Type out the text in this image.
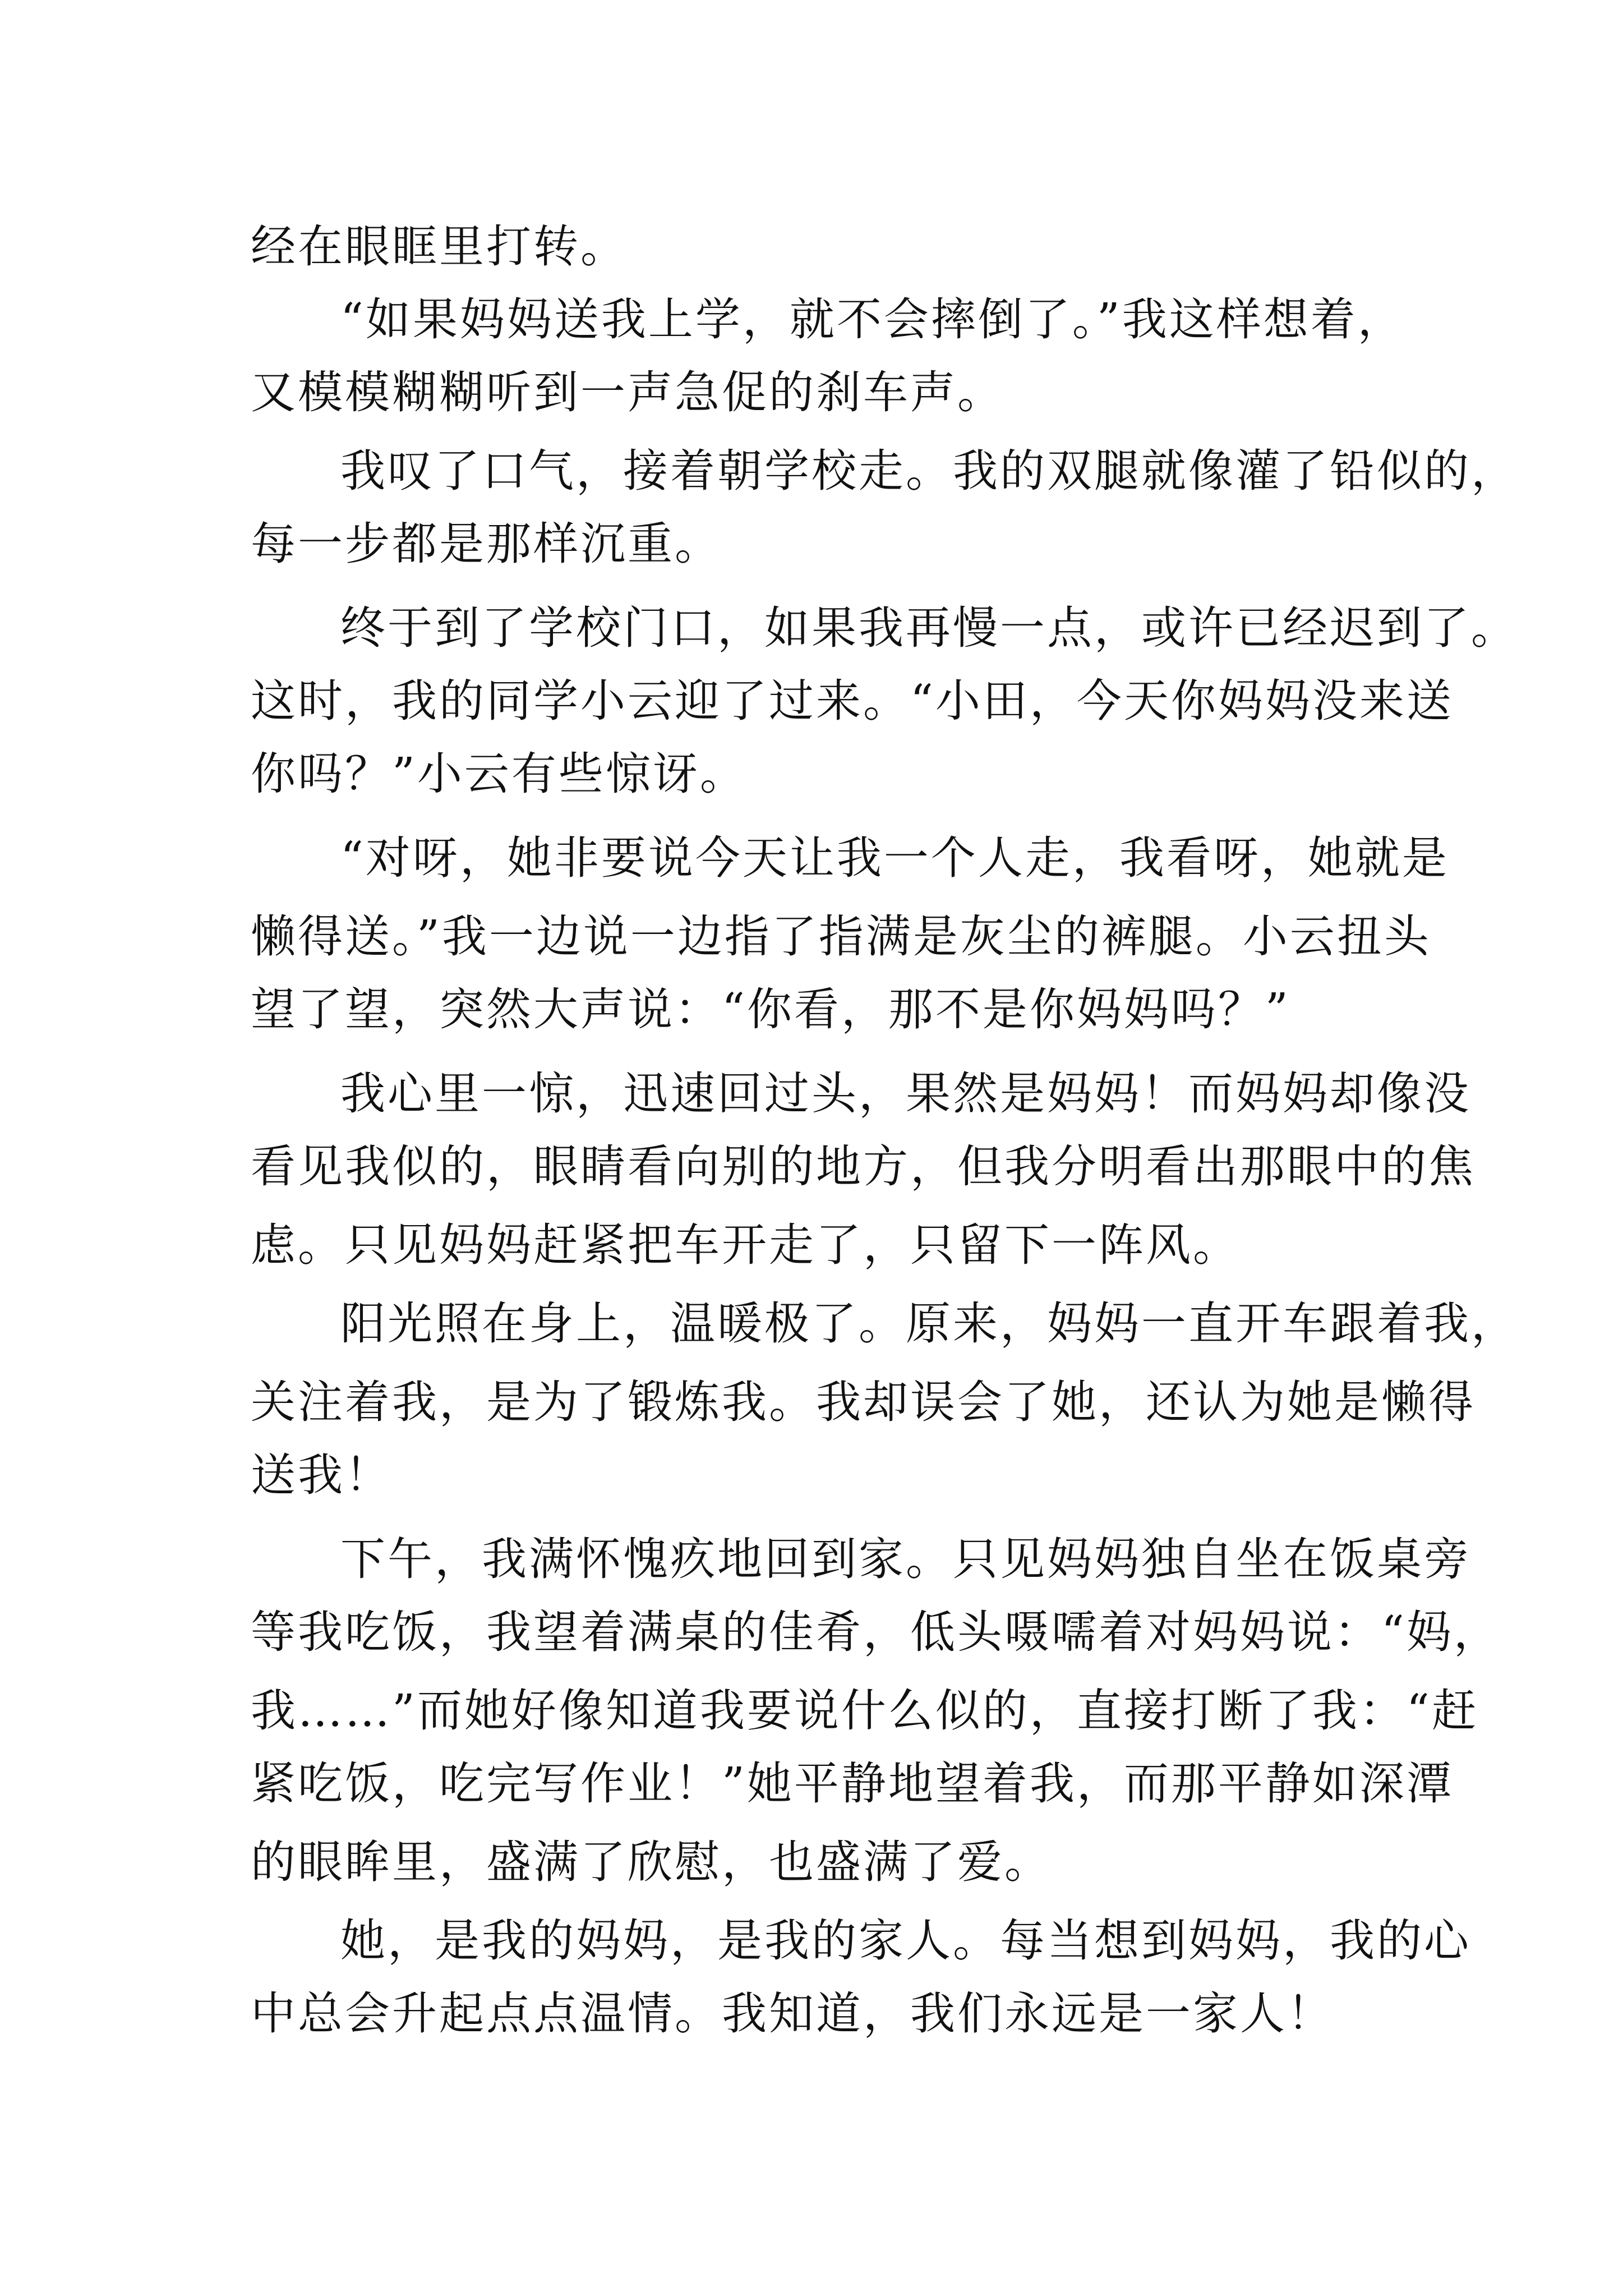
经在眼眶里打转。
“如果妈妈送我上学，就不会摔倒了。”我这样想着，
又模模糊糊听到一声急促的刹车声。
我叹了口气，接着朝学校走。我的双腿就像灌了铅似的，
每一步都是那样沉重。
终于到了学校门口，如果我再慢一点，或许已经迟到了。
这时，我的同学小云迎了过来。“小田，今天你妈妈没来送
你吗？”小云有些惊讶。
“对呀，她非要说今天让我一个人走，我看呀，她就是
懒得送。”我一边说一边指了指满是灰尘的裤腿。小云扭头
望了望，突然大声说：“你看，那不是你妈妈吗？”
我心里一惊，迅速回过头，果然是妈妈！而妈妈却像没
看见我似的，眼睛看向别的地方，但我分明看出那眼中的焦
虑。只见妈妈赶紧把车开走了，只留下一阵风。
阳光照在身上，温暖极了。原来，妈妈一直开车跟着我，
关注着我，是为了锻炼我。我却误会了她，还认为她是懒得
送我！
下午，我满怀愧疚地回到家。只见妈妈独自坐在饭桌旁
等我吃饭，我望着满桌的佳肴，低头嗫嚅着对妈妈说：“妈，
我……”而她好像知道我要说什么似的，直接打断了我：“赶
紧吃饭，吃完写作业！”她平静地望着我，而那平静如深潭
的眼眸里，盛满了欣慰，也盛满了爱。
她，是我的妈妈，是我的家人。每当想到妈妈，我的心
中总会升起点点温情。我知道，我们永远是一家人！
